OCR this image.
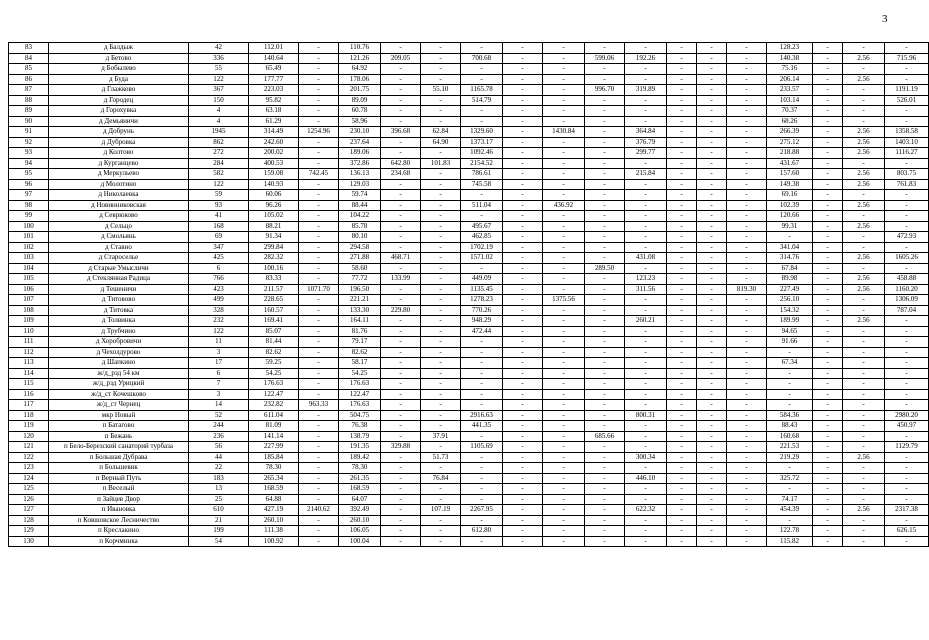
3
83	д Балдыж	42	112.01	-	110.76	-	-	-	-	-	-	-	-	-	-	128.23	-	-	-
84	д Бетово	336	140.64	-	121.26	209.05	-	700.68	-	-	599.06	192.26	-	-	-	140.38	-	2.56	715.96
85	д Бобылево	55	65.49	-	64.92	-	-	-	-	-	-	-	-	-	-	75.16	-	-	-
86	д Буда	122	177.77	-	178.06	-	-	-	-	-	-	-	-	-	-	206.14	-	2.56	-
87	д Глажково	367	223.03	-	201.75	-	55.10	1165.78	-	-	996.70	319.89	-	-	-	233.57	-	-	1191.19
88	д Городец	150	95.82	-	89.09	-	-	514.79	-	-	-	-	-	-	-	103.14	-	-	526.01
89	д Горохувка	4	63.18	-	60.78	-	-	-	-	-	-	-	-	-	-	70.37	-	-	-
90	д Демьяничи	4	61.29	-	58.96	-	-	-	-	-	-	-	-	-	-	68.26	-	-	-
91	д Добрунь	1945	314.49	1254.96	230.10	396.68	62.84	1329.60	-	1430.84	-	364.84	-	-	-	266.39	-	2.56	1358.58
92	д Дубровка	862	242.60	-	237.64	-	64.90	1373.17	-	-	-	376.79	-	-	-	275.12	-	2.56	1403.10
93	д Колтово	272	200.02	-	189.06	-	-	1092.46	-	-	-	299.77	-	-	-	218.88	-	2.56	1116.27
94	д Курганцево	284	400.53	-	372.86	642.80	101.83	2154.52	-	-	-	-	-	-	-	431.67	-	-	-
95	д Меркульево	582	159.08	742.45	136.13	234.68	-	786.61	-	-	-	215.84	-	-	-	157.60	-	2.56	803.75
96	д Молотино	122	140.93	-	129.03	-	-	745.58	-	-	-	-	-	-	-	149.38	-	2.56	761.83
97	д Николаевка	59	60.06	-	59.74	-	-	-	-	-	-	-	-	-	-	69.16	-	-	-
98	д Новинниковская	93	96.26	-	88.44	-	-	511.04	-	436.92	-	-	-	-	-	102.39	-	2.56	-
99	д Севрюково	41	105.02	-	104.22	-	-	-	-	-	-	-	-	-	-	120.66	-	-	-
100	д Сельцо	168	88.21	-	85.78	-	-	495.67	-	-	-	-	-	-	-	99.31	-	2.56	-
101	д Смольянь	69	91.34	-	80.10	-	-	462.85	-	-	-	-	-	-	-	-	-	-	472.93
102	д Ставно	347	299.84	-	294.58	-	-	1702.19	-	-	-	-	-	-	-	341.04	-	-	-
103	д Староселье	425	282.32	-	271.88	468.71	-	1571.02	-	-	-	431.08	-	-	-	314.76	-	2.56	1605.26
104	д Старые Умысличи	6	100.16	-	58.60	-	-	-	-	-	289.50	-	-	-	-	67.84	-	-	-
105	д Стеклянная Радица	766	83.33	-	77.72	133.99	-	449.09	-	-	-	123.23	-	-	-	89.98	-	2.56	458.88
106	д Тешеничи	423	211.57	1071.70	196.50	-	-	1135.45	-	-	-	311.56	-	-	819.30	227.49	-	2.56	1160.20
107	д Титовово	499	228.65	-	221.21	-	-	1278.23	-	1375.56	-	-	-	-	-	256.10	-	-	1306.09
108	д Титовка	328	160.57	-	133.30	229.80	-	770.26	-	-	-	-	-	-	-	154.32	-	-	787.04
109	д Толвинка	232	169.41	-	164.11	-	-	948.29	-	-	-	260.21	-	-	-	189.99	-	2.56	-
110	д Трубчино	122	85.07	-	81.76	-	-	472.44	-	-	-	-	-	-	-	94.65	-	-	-
111	д Хоробровичи	11	81.44	-	79.17	-	-	-	-	-	-	-	-	-	-	91.66	-	-	-
112	д Чехолдурово	3	82.62	-	82.62	-	-	-	-	-	-	-	-	-	-	-	-	-	-
113	д Шапкино	17	59.25	-	58.17	-	-	-	-	-	-	-	-	-	-	67.34	-	-	-
114	ж/д_рзд 54 км	6	54.25	-	54.25	-	-	-	-	-	-	-	-	-	-	-	-	-	-
115	ж/д_рзд Урицкий	7	176.63	-	176.63	-	-	-	-	-	-	-	-	-	-	-	-	-	-
116	ж/д_ст Кочешково	3	122.47	-	122.47	-	-	-	-	-	-	-	-	-	-	-	-	-	-
117	ж/д_ст Чернец	14	232.82	963.33	176.63	-	-	-	-	-	-	-	-	-	-	-	-	-	-
118	мкр Новый	52	611.04	-	504.75	-	-	2916.63	-	-	-	800.31	-	-	-	584.36	-	-	2980.20
119	п Батагово	244	81.09	-	76.38	-	-	441.35	-	-	-	-	-	-	-	88.43	-	-	450.97
120	п Бежань	236	141.14	-	138.79	-	37.91	-	-	-	685.66	-	-	-	-	160.68	-	-	-
121	п Бело-Березский санаторий турбаза	56	227.99	-	191.35	329.88	-	1105.69	-	-	-	-	-	-	-	221.53	-	-	1129.79
122	п Большая Дубрава	44	185.84	-	189.42	-	51.73	-	-	-	-	300.34	-	-	-	219.29	-	2.56	-
123	п Большевик	22	78.30	-	78.30	-	-	-	-	-	-	-	-	-	-	-	-	-	-
124	п Верный Путь	183	265.34	-	261.35	-	76.84	-	-	-	-	446.10	-	-	-	325.72	-	-	-
125	п Веселый	13	168.59	-	168.59	-	-	-	-	-	-	-	-	-	-	-	-	-	-
126	п Зайцев Двор	25	64.88	-	64.07	-	-	-	-	-	-	-	-	-	-	74.17	-	-	-
127	п Ивановка	610	427.19	2140.62	392.49	-	107.19	2267.95	-	-	-	622.32	-	-	-	454.39	-	2.56	2317.38
128	п Ковшовское Лесничество	21	260.10	-	260.10	-	-	-	-	-	-	-	-	-	-	-	-	-	-
129	п Креслакино	199	111.38	-	106.05	-	-	612.80	-	-	-	-	-	-	-	122.78	-	-	626.15
130	п Корчминка	54	100.92	-	100.04	-	-	-	-	-	-	-	-	-	-	115.82	-	-	-
